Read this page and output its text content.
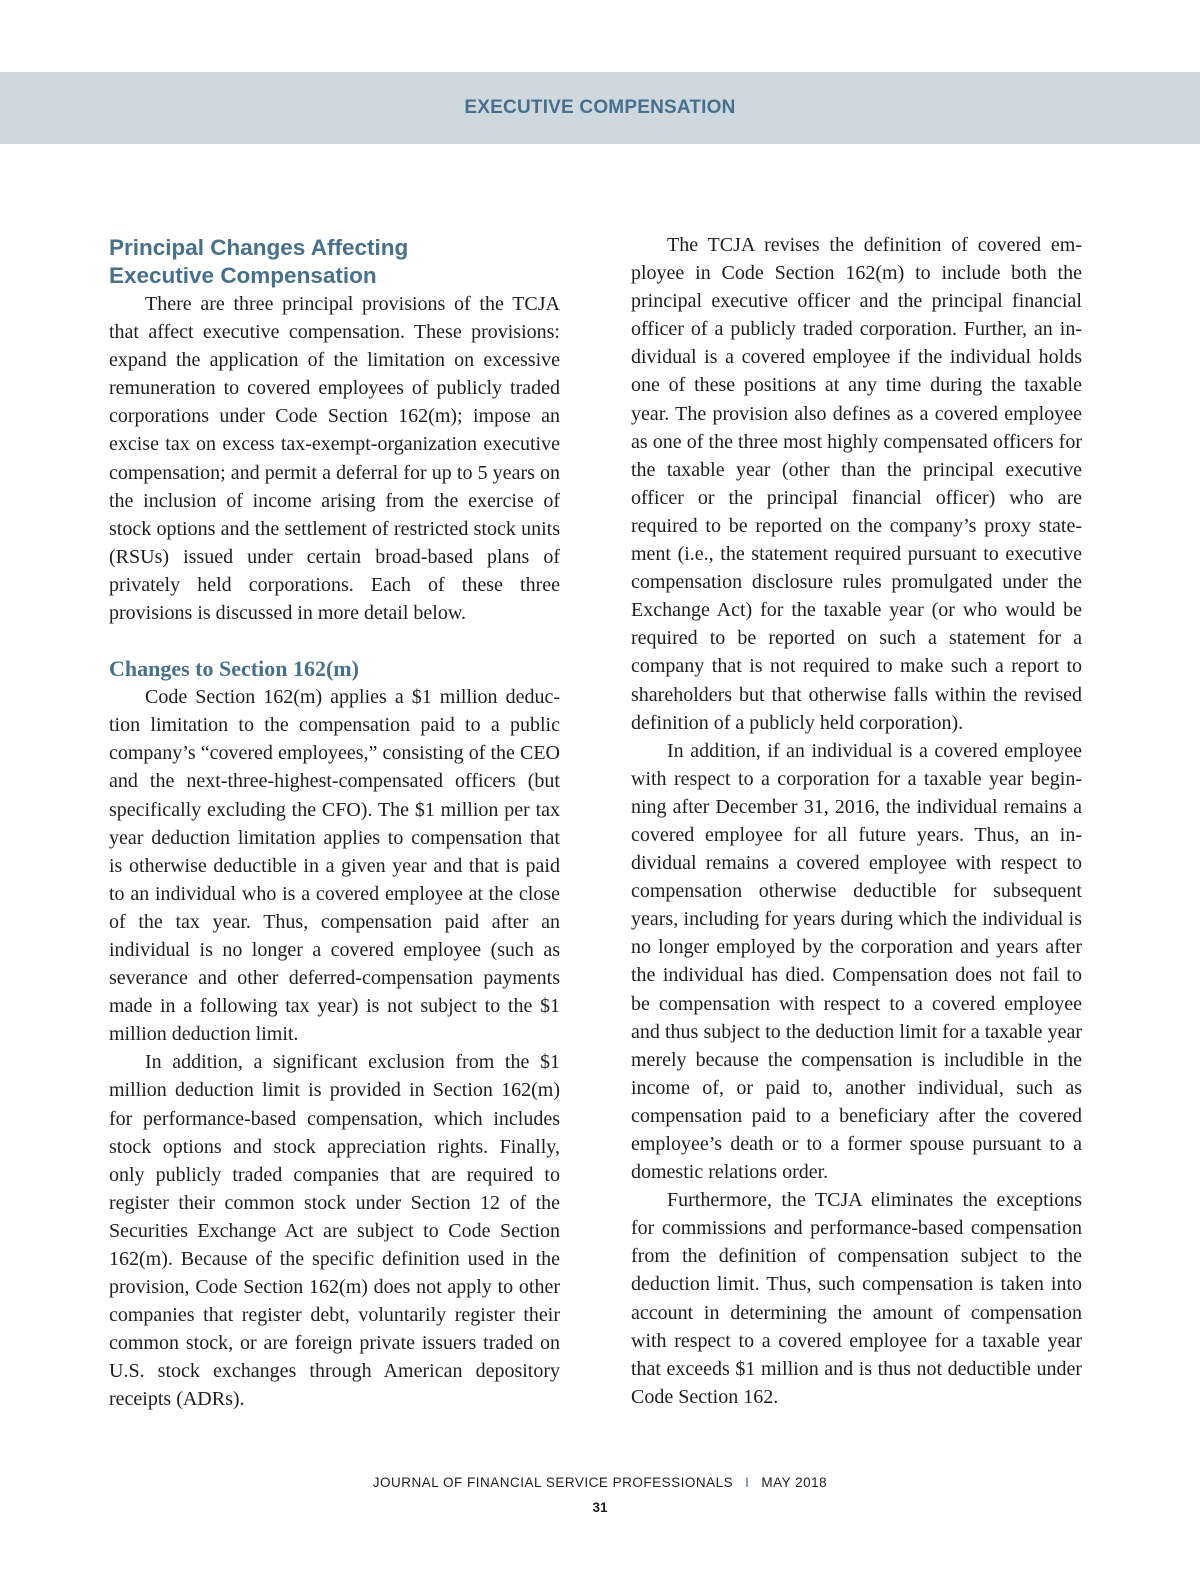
EXECUTIVE COMPENSATION
Principal Changes Affecting
Executive Compensation

There are three principal provisions of the TCJA that affect executive compensation. These provisions: expand the application of the limitation on excessive remuneration to covered employees of publicly traded corporations under Code Section 162(m); impose an excise tax on excess tax-exempt-organization executive compensation; and permit a deferral for up to 5 years on the inclusion of income arising from the exercise of stock options and the settlement of restricted stock units (RSUs) issued under certain broad-based plans of privately held corporations. Each of these three provisions is discussed in more detail below.

Changes to Section 162(m)

Code Section 162(m) applies a $1 million deduction limitation to the compensation paid to a public company’s “covered employees,” consisting of the CEO and the next-three-highest-compensated officers (but specifically excluding the CFO). The $1 million per tax year deduction limitation applies to compensation that is otherwise deductible in a given year and that is paid to an individual who is a covered employee at the close of the tax year. Thus, compensation paid after an individual is no longer a covered employee (such as severance and other deferred-compensation payments made in a following tax year) is not subject to the $1 million deduction limit.

In addition, a significant exclusion from the $1 million deduction limit is provided in Section 162(m) for performance-based compensation, which includes stock options and stock appreciation rights. Finally, only publicly traded companies that are required to register their common stock under Section 12 of the Securities Exchange Act are subject to Code Section 162(m). Because of the specific definition used in the provision, Code Section 162(m) does not apply to other companies that register debt, voluntarily register their common stock, or are foreign private issuers traded on U.S. stock exchanges through American depository receipts (ADRs).

The TCJA revises the definition of covered employee in Code Section 162(m) to include both the principal executive officer and the principal financial officer of a publicly traded corporation. Further, an individual is a covered employee if the individual holds one of these positions at any time during the taxable year. The provision also defines as a covered employee as one of the three most highly compensated officers for the taxable year (other than the principal executive officer or the principal financial officer) who are required to be reported on the company’s proxy statement (i.e., the statement required pursuant to executive compensation disclosure rules promulgated under the Exchange Act) for the taxable year (or who would be required to be reported on such a statement for a company that is not required to make such a report to shareholders but that otherwise falls within the revised definition of a publicly held corporation).

In addition, if an individual is a covered employee with respect to a corporation for a taxable year beginning after December 31, 2016, the individual remains a covered employee for all future years. Thus, an individual remains a covered employee with respect to compensation otherwise deductible for subsequent years, including for years during which the individual is no longer employed by the corporation and years after the individual has died. Compensation does not fail to be compensation with respect to a covered employee and thus subject to the deduction limit for a taxable year merely because the compensation is includible in the income of, or paid to, another individual, such as compensation paid to a beneficiary after the covered employee’s death or to a former spouse pursuant to a domestic relations order.

Furthermore, the TCJA eliminates the exceptions for commissions and performance-based compensation from the definition of compensation subject to the deduction limit. Thus, such compensation is taken into account in determining the amount of compensation with respect to a covered employee for a taxable year that exceeds $1 million and is thus not deductible under Code Section 162.

JOURNAL OF FINANCIAL SERVICE PROFESSIONALS I MAY 2018
31
